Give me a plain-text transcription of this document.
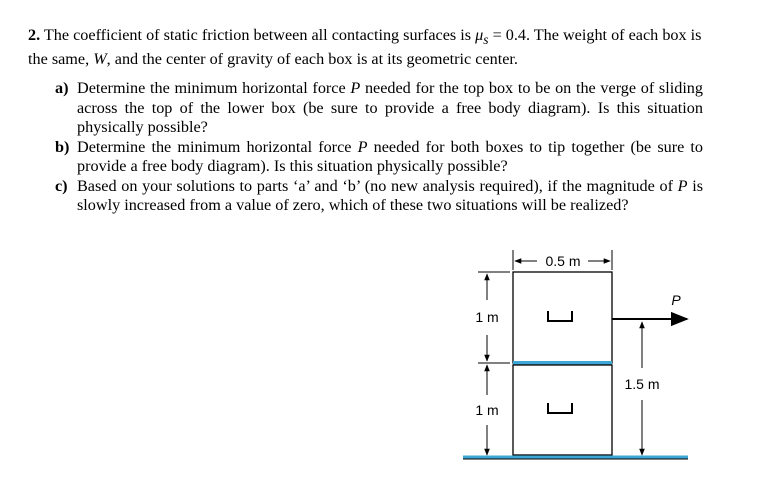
2. The coefficient of static friction between all contacting surfaces is $\mu_s = 0.4$. The weight of each box is the same, W, and the center of gravity of each box is at its geometric center.
a) Determine the minimum horizontal force P needed for the top box to be on the verge of sliding across the top of the lower box (be sure to provide a free body diagram). Is this situation physically possible?
b) Determine the minimum horizontal force P needed for both boxes to tip together (be sure to provide a free body diagram). Is this situation physically possible?
c) Based on your solutions to parts ‘a’ and ‘b’ (no new analysis required), if the magnitude of P is slowly increased from a value of zero, which of these two situations will be realized?
0.5 m
1 m
1 m
P
1.5 m
